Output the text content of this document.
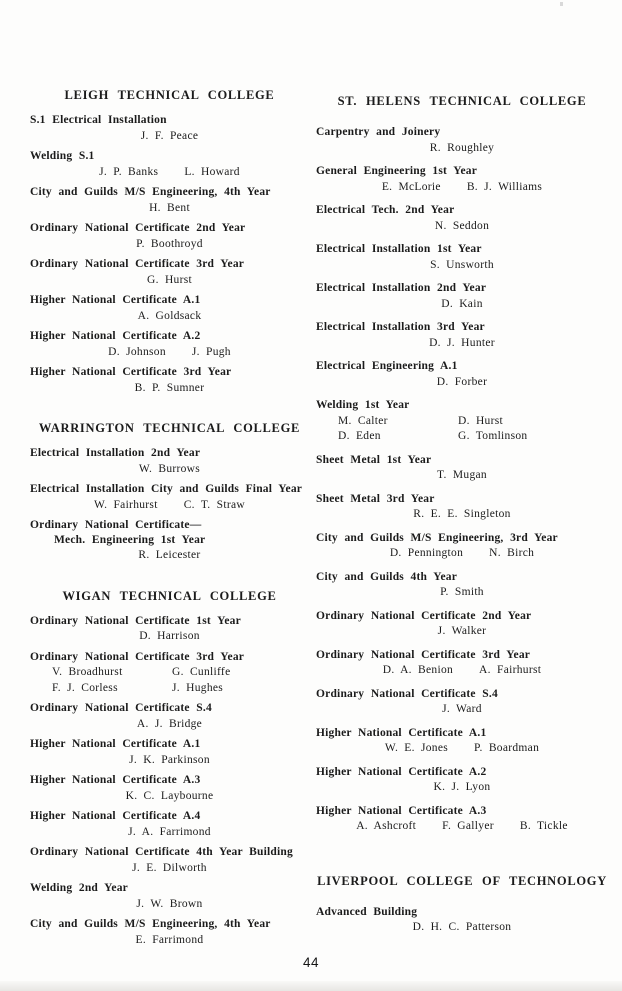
LEIGH TECHNICAL COLLEGE
S.1 Electrical Installation
J. F. Peace
Welding S.1
J. P. Banks L. Howard
City and Guilds M/S Engineering, 4th Year
H. Bent
Ordinary National Certificate 2nd Year
P. Boothroyd
Ordinary National Certificate 3rd Year
G. Hurst
Higher National Certificate A.1
A. Goldsack
Higher National Certificate A.2
D. Johnson J. Pugh
Higher National Certificate 3rd Year
B. P. Sumner
WARRINGTON TECHNICAL COLLEGE
Electrical Installation 2nd Year
W. Burrows
Electrical Installation City and Guilds Final Year
W. Fairhurst C. T. Straw
Ordinary National Certificate—
Mech. Engineering 1st Year
R. Leicester
WIGAN TECHNICAL COLLEGE
Ordinary National Certificate 1st Year
D. Harrison
Ordinary National Certificate 3rd Year
V. Broadhurst	G. Cunliffe
F. J. Corless	J. Hughes
Ordinary National Certificate S.4
A. J. Bridge
Higher National Certificate A.1
J. K. Parkinson
Higher National Certificate A.3
K. C. Laybourne
Higher National Certificate A.4
J. A. Farrimond
Ordinary National Certificate 4th Year Building
J. E. Dilworth
Welding 2nd Year
J. W. Brown
City and Guilds M/S Engineering, 4th Year
E. Farrimond
ST. HELENS TECHNICAL COLLEGE
Carpentry and Joinery
R. Roughley
General Engineering 1st Year
E. McLorie B. J. Williams
Electrical Tech. 2nd Year
N. Seddon
Electrical Installation 1st Year
S. Unsworth
Electrical Installation 2nd Year
D. Kain
Electrical Installation 3rd Year
D. J. Hunter
Electrical Engineering A.1
D. Forber
Welding 1st Year
M. Calter	D. Hurst
D. Eden	G. Tomlinson
Sheet Metal 1st Year
T. Mugan
Sheet Metal 3rd Year
R. E. E. Singleton
City and Guilds M/S Engineering, 3rd Year
D. Pennington N. Birch
City and Guilds 4th Year
P. Smith
Ordinary National Certificate 2nd Year
J. Walker
Ordinary National Certificate 3rd Year
D. A. Benion A. Fairhurst
Ordinary National Certificate S.4
J. Ward
Higher National Certificate A.1
W. E. Jones P. Boardman
Higher National Certificate A.2
K. J. Lyon
Higher National Certificate A.3
A. Ashcroft F. Gallyer B. Tickle
LIVERPOOL COLLEGE OF TECHNOLOGY
Advanced Building
D. H. C. Patterson
44
